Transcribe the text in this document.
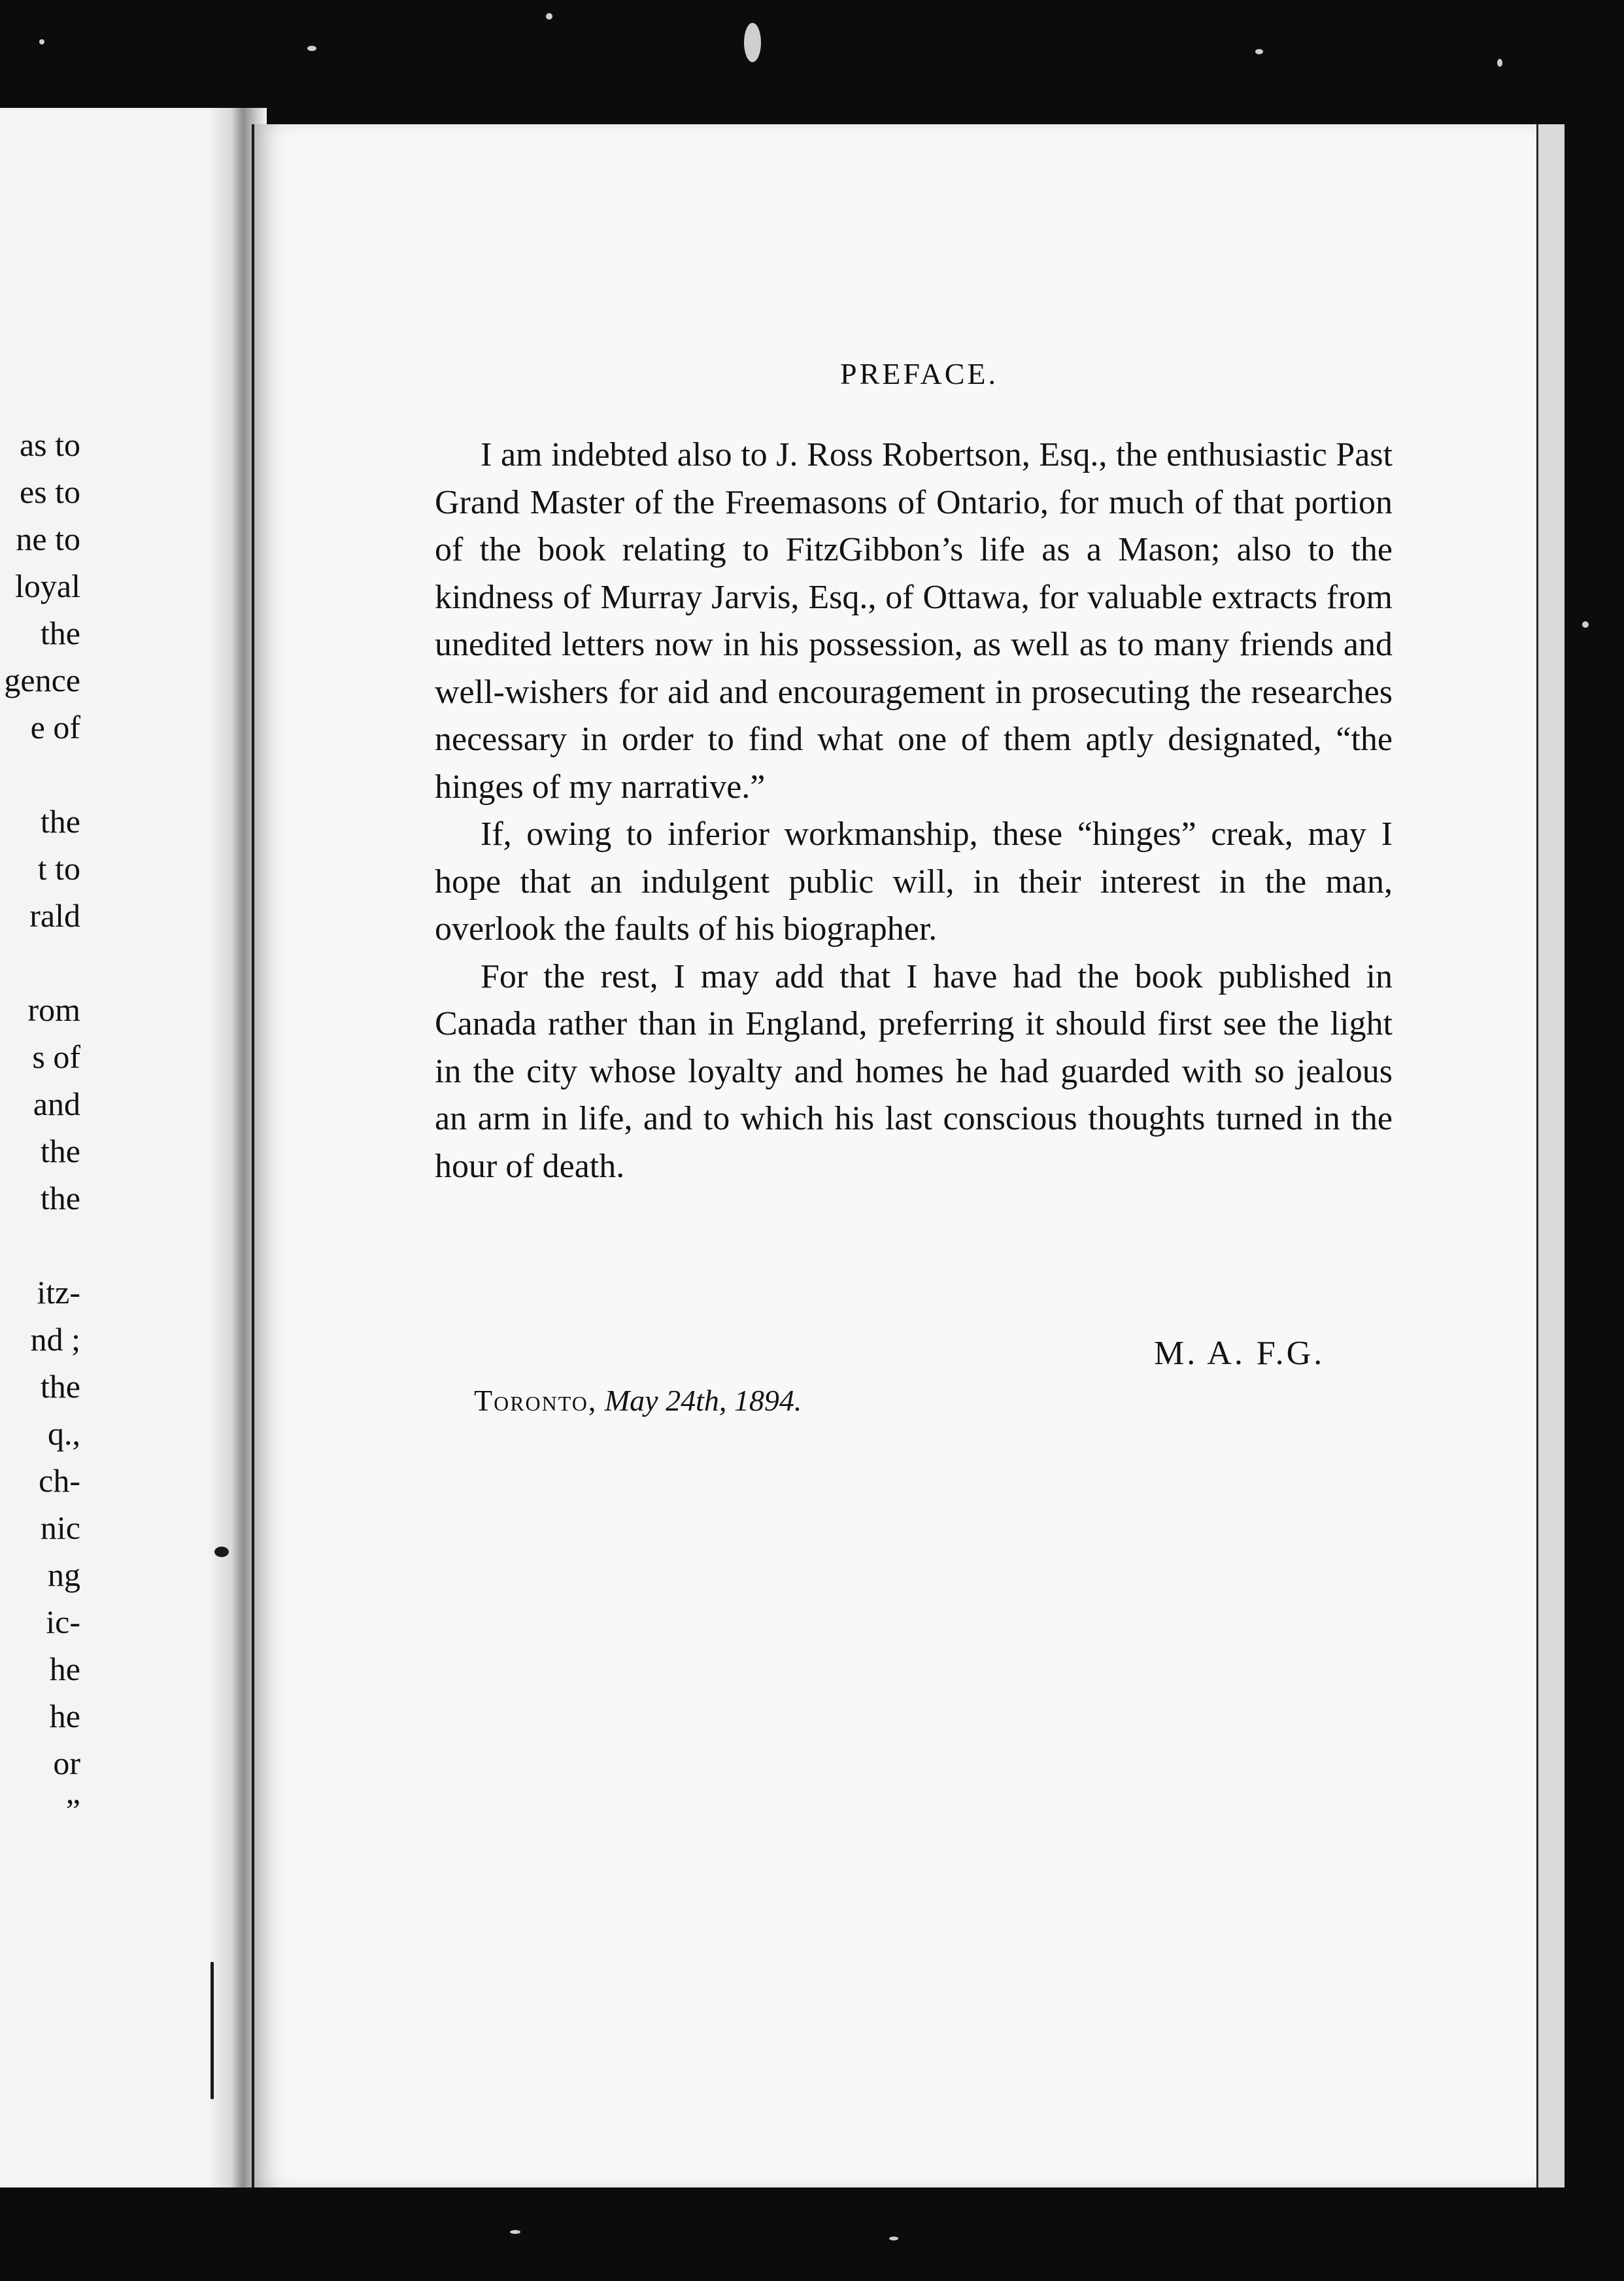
as to
es to
ne to
loyal
the
gence
e of
the
t to
rald
rom
s of
and
the
the
itz-
nd ;
the
q.,
ch-
nic
ng
ic-
he
he
or
”
PREFACE.

I am indebted also to J. Ross Robertson, Esq., the enthusiastic Past Grand Master of the Freemasons of Ontario, for much of that portion of the book relating to FitzGibbon’s life as a Mason; also to the kindness of Murray Jarvis, Esq., of Ottawa, for valuable extracts from unedited letters now in his possession, as well as to many friends and well-wishers for aid and encouragement in prosecuting the researches necessary in order to find what one of them aptly designated, “the hinges of my narrative.”

If, owing to inferior workmanship, these “hinges” creak, may I hope that an indulgent public will, in their interest in the man, overlook the faults of his biographer.

For the rest, I may add that I have had the book published in Canada rather than in England, preferring it should first see the light in the city whose loyalty and homes he had guarded with so jealous an arm in life, and to which his last conscious thoughts turned in the hour of death.

M. A. F.G.
Toronto, May 24th, 1894.
